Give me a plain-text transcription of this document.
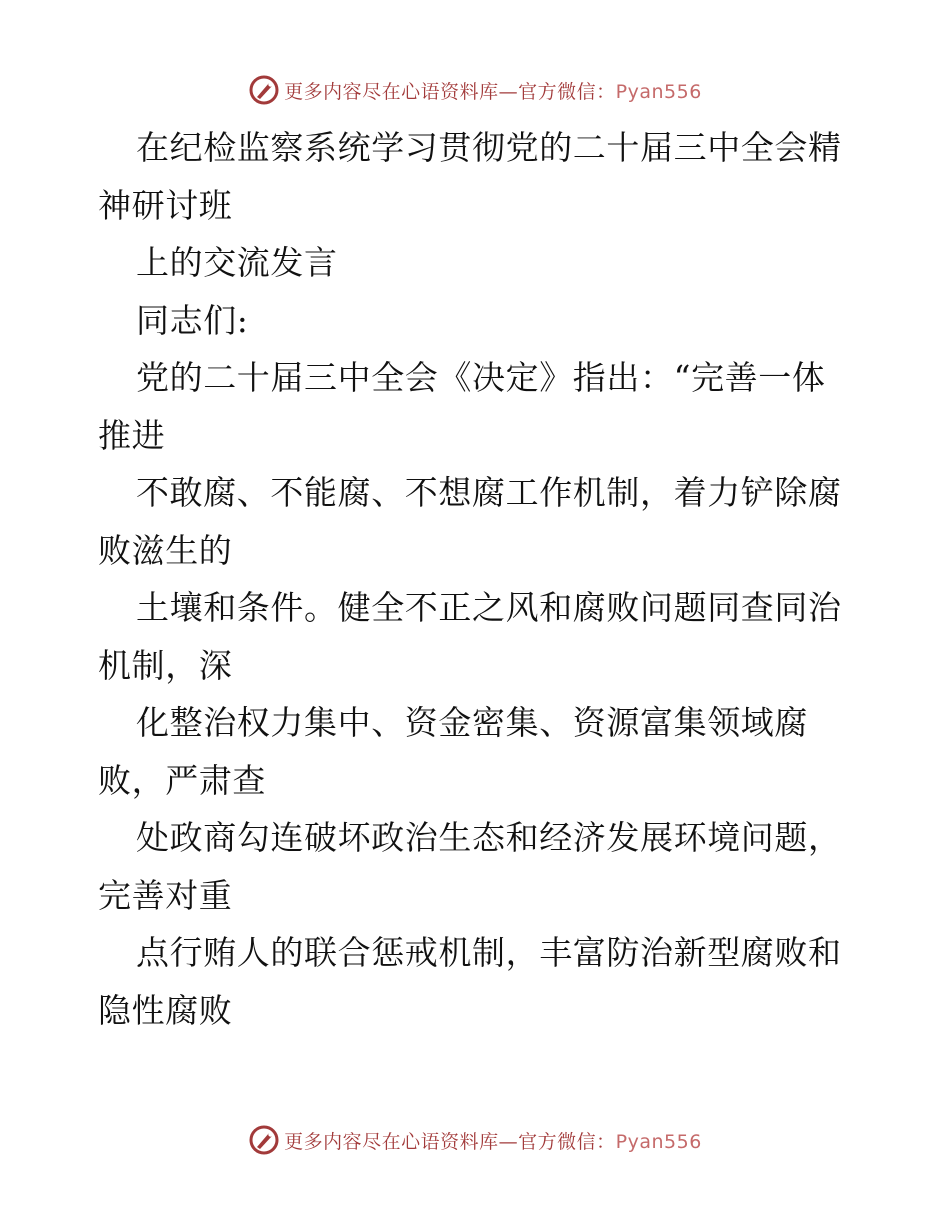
更多内容尽在心语资料库—官方微信：Pyan556
在纪检监察系统学习贯彻党的二十届三中全会精
神研讨班
上的交流发言
同志们:
党的二十届三中全会《决定》指出：“完善一体
推进
不敢腐、不能腐、不想腐工作机制，着力铲除腐
败滋生的
土壤和条件。健全不正之风和腐败问题同查同治
机制，深
化整治权力集中、资金密集、资源富集领域腐
败，严肃查
处政商勾连破坏政治生态和经济发展环境问题，
完善对重
点行贿人的联合惩戒机制，丰富防治新型腐败和
隐性腐败
更多内容尽在心语资料库—官方微信：Pyan556
